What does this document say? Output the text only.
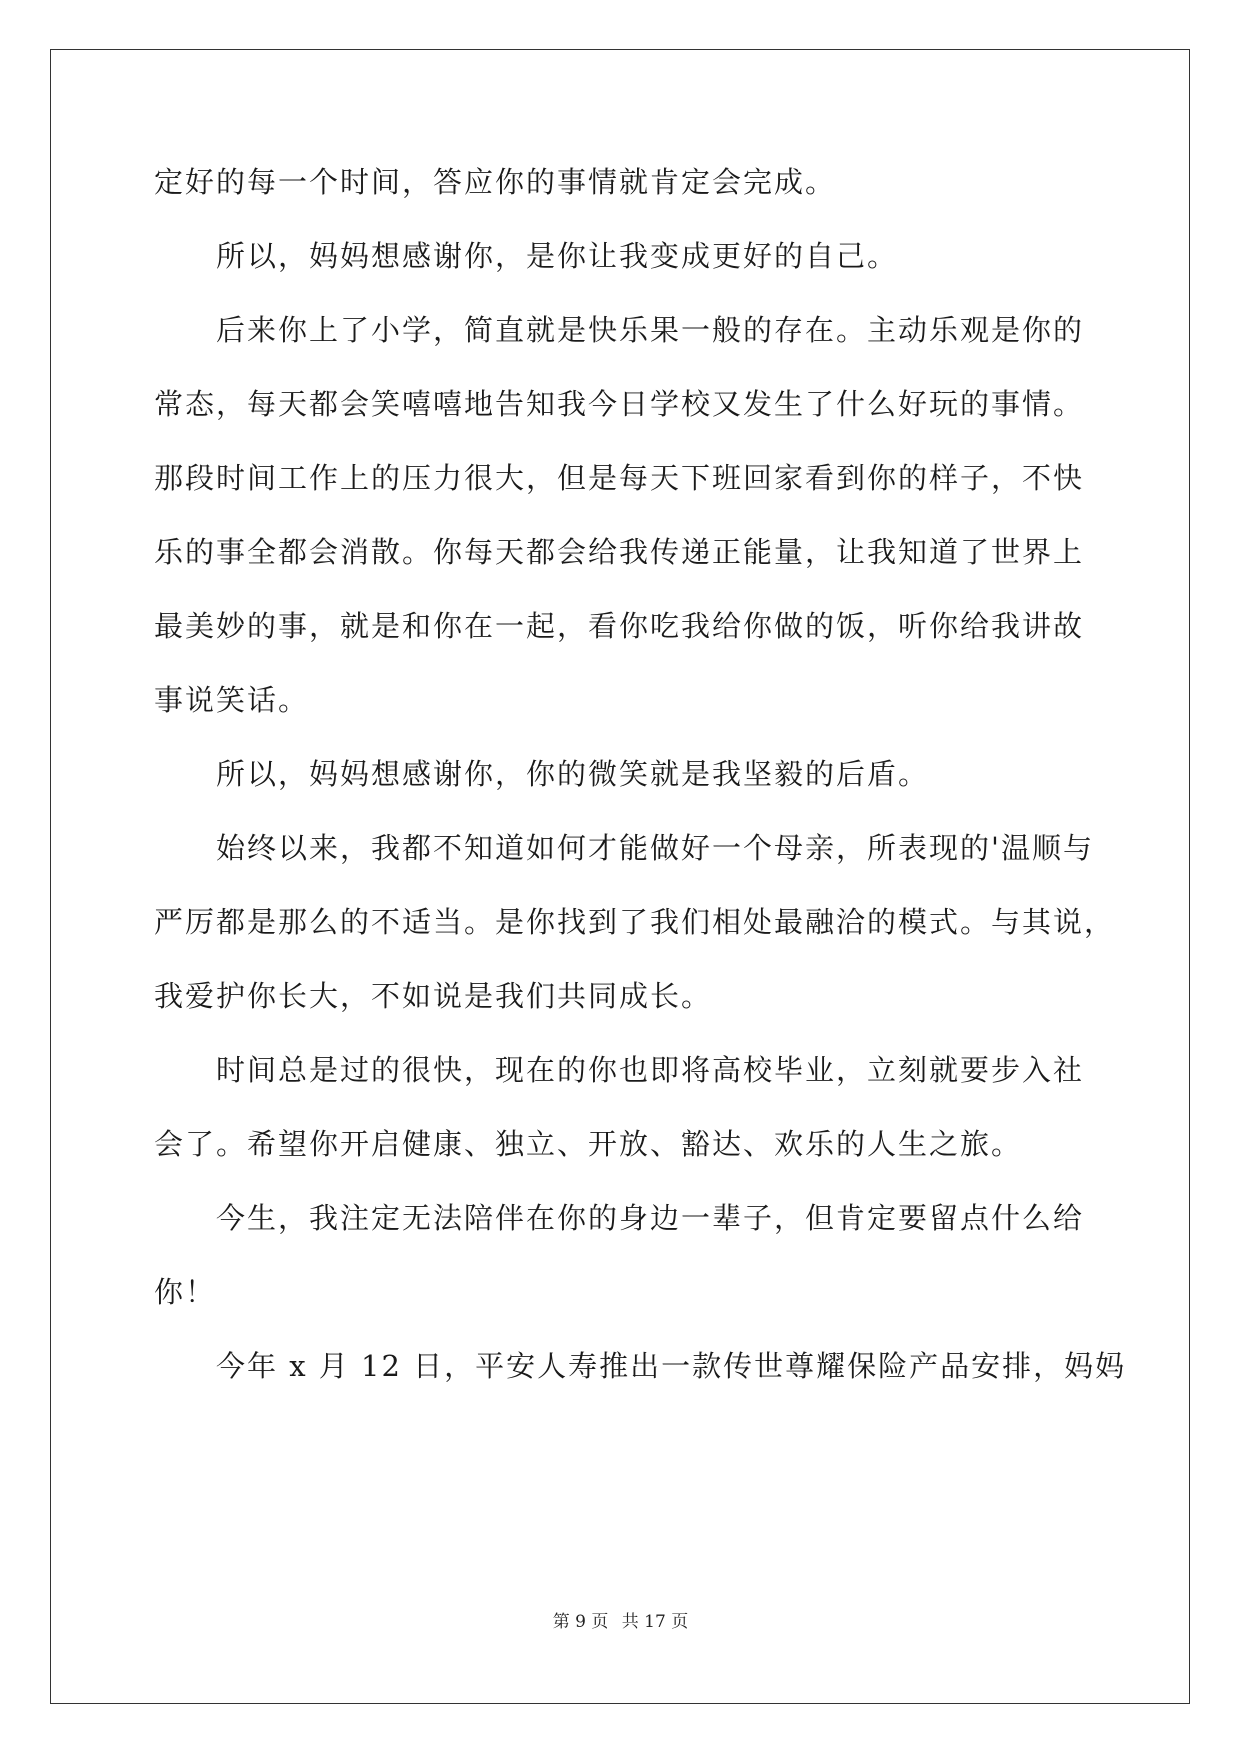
定好的每一个时间，答应你的事情就肯定会完成。
所以，妈妈想感谢你，是你让我变成更好的自己。
后来你上了小学，简直就是快乐果一般的存在。主动乐观是你的
常态，每天都会笑嘻嘻地告知我今日学校又发生了什么好玩的事情。
那段时间工作上的压力很大，但是每天下班回家看到你的样子，不快
乐的事全都会消散。你每天都会给我传递正能量，让我知道了世界上
最美妙的事，就是和你在一起，看你吃我给你做的饭，听你给我讲故
事说笑话。
所以，妈妈想感谢你，你的微笑就是我坚毅的后盾。
始终以来，我都不知道如何才能做好一个母亲，所表现的'温顺与
严厉都是那么的不适当。是你找到了我们相处最融洽的模式。与其说，
我爱护你长大，不如说是我们共同成长。
时间总是过的很快，现在的你也即将高校毕业，立刻就要步入社
会了。希望你开启健康、独立、开放、豁达、欢乐的人生之旅。
今生，我注定无法陪伴在你的身边一辈子，但肯定要留点什么给
你！
今年 x 月 12 日，平安人寿推出一款传世尊耀保险产品安排，妈妈
第 9 页 共 17 页
